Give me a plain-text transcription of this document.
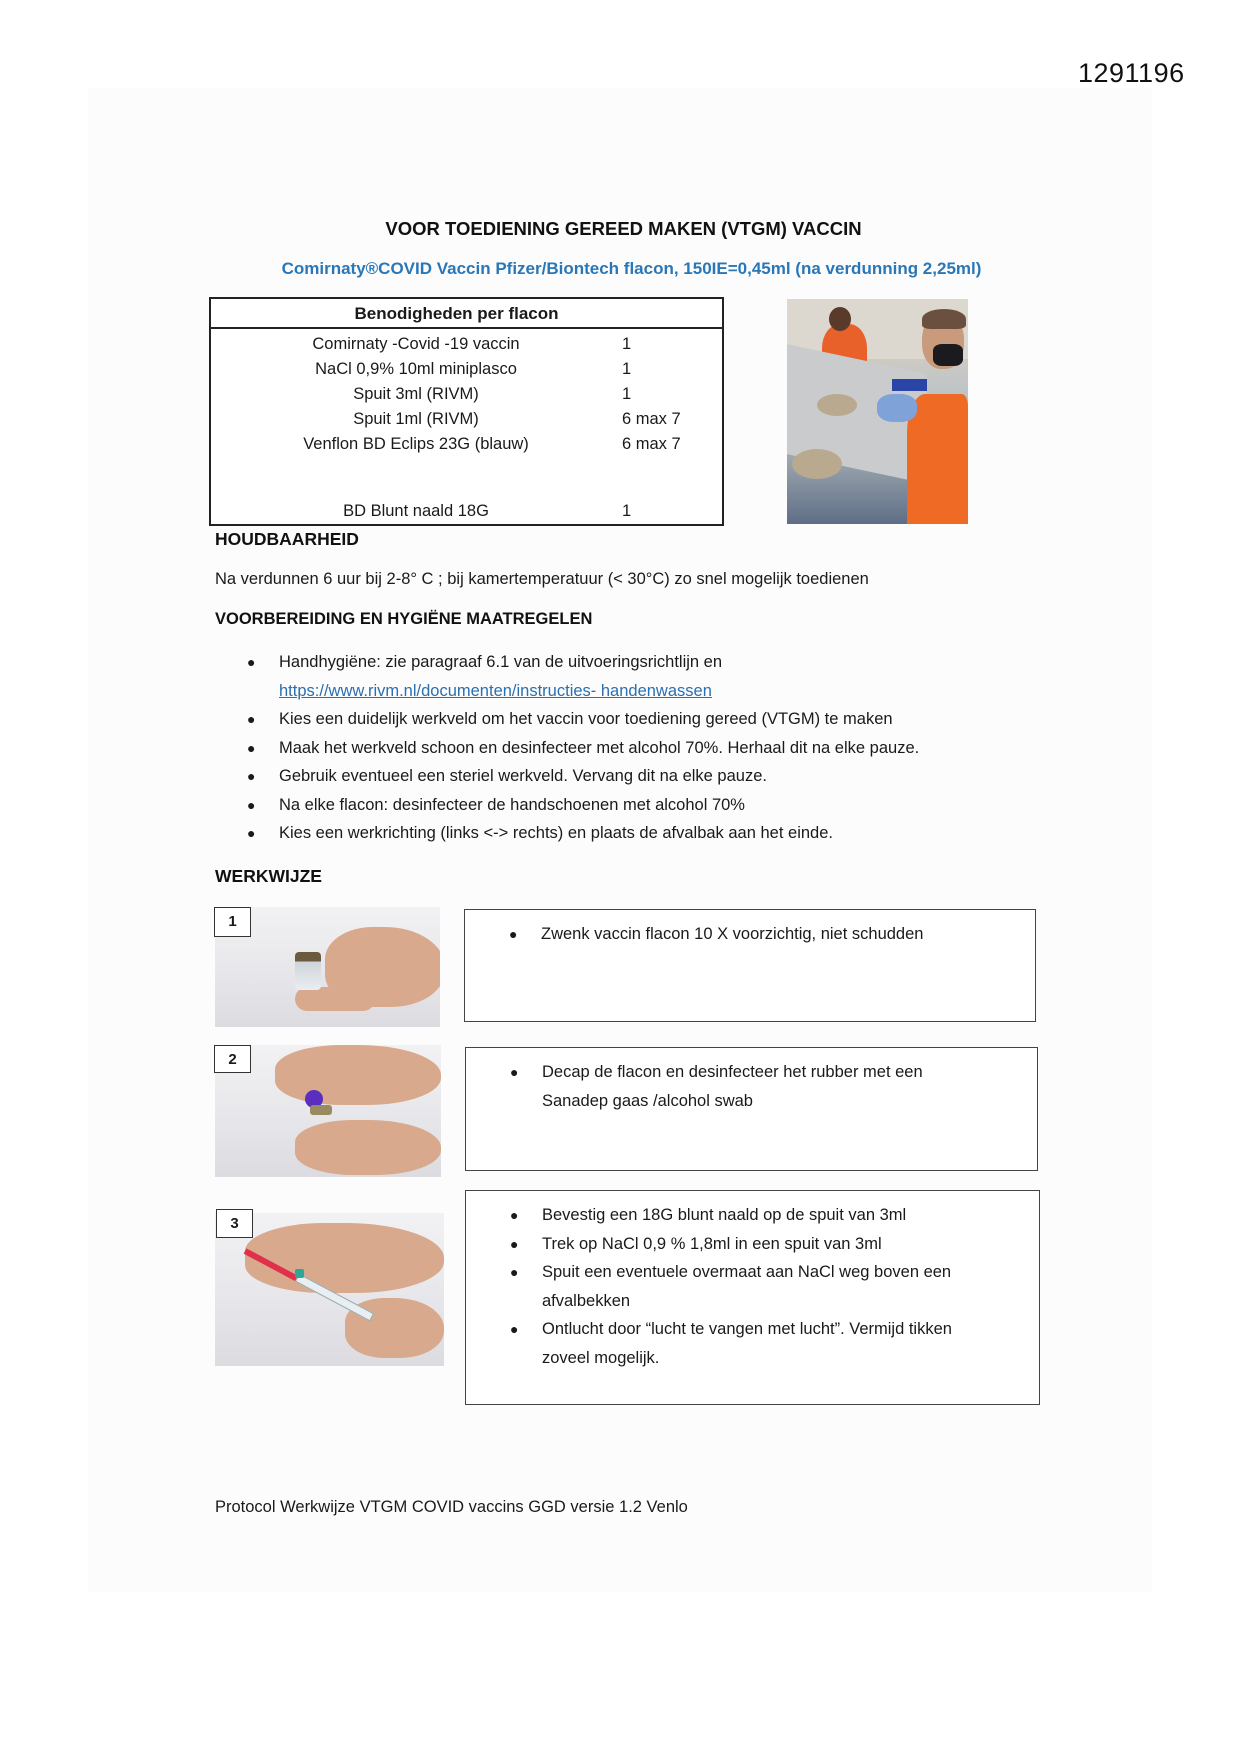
1291196
VOOR TOEDIENING GEREED MAKEN (VTGM) VACCIN
Comirnaty®COVID Vaccin Pfizer/Biontech flacon, 150IE=0,45ml (na verdunning 2,25ml)
Benodigheden per flacon
Comirnaty -Covid -19 vaccin	1
NaCl 0,9% 10ml miniplasco	1
Spuit 3ml (RIVM)	1
Spuit 1ml (RIVM)	6 max 7
Venflon BD Eclips 23G (blauw)	6 max 7
BD Blunt naald 18G	1
HOUDBAARHEID
Na verdunnen 6 uur bij 2-8° C ; bij kamertemperatuur (< 30°C) zo snel mogelijk toedienen
VOORBEREIDING EN HYGIËNE MAATREGELEN
● Handhygiëne: zie paragraaf 6.1 van de uitvoeringsrichtlijn en
https://www.rivm.nl/documenten/instructies- handenwassen
● Kies een duidelijk werkveld om het vaccin voor toediening gereed (VTGM) te maken
● Maak het werkveld schoon en desinfecteer met alcohol 70%. Herhaal dit na elke pauze.
● Gebruik eventueel een steriel werkveld. Vervang dit na elke pauze.
● Na elke flacon: desinfecteer de handschoenen met alcohol 70%
● Kies een werkrichting (links <-> rechts) en plaats de afvalbak aan het einde.
WERKWIJZE
1
● Zwenk vaccin flacon 10 X voorzichtig, niet schudden
2
● Decap de flacon en desinfecteer het rubber met een Sanadep gaas /alcohol swab
3	● Bevestig een 18G blunt naald op de spuit van 3ml
● Trek op NaCl 0,9 % 1,8ml in een spuit van 3ml
● Spuit een eventuele overmaat aan NaCl weg boven een afvalbekken
● Ontlucht door “lucht te vangen met lucht”. Vermijd tikken zoveel mogelijk.
Protocol Werkwijze VTGM COVID vaccins GGD versie 1.2 Venlo
